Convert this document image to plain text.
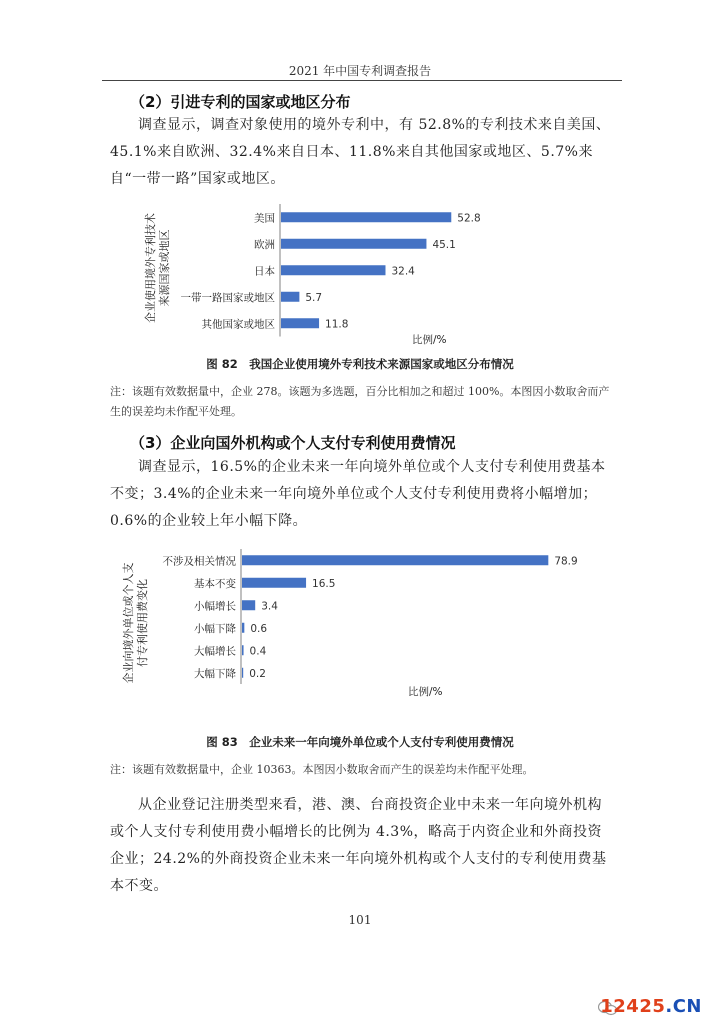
2021 年中国专利调查报告
（2）引进专利的国家或地区分布
调查显示，调查对象使用的境外专利中，有 52.8%的专利技术来自美国、45.1%来自欧洲、32.4%来自日本、11.8%来自其他国家或地区、5.7%来自“一带一路”国家或地区。
企业使用境外专利技术 来源国家或地区
美国	52.8
欧洲	45.1
日本	32.4
一带一路国家或地区	5.7
其他国家或地区	11.8
比例/%
图 82　我国企业使用境外专利技术来源国家或地区分布情况
注：该题有效数据量中，企业 278。该题为多选题，百分比相加之和超过 100%。本图因小数取舍而产生的误差均未作配平处理。
（3）企业向国外机构或个人支付专利使用费情况
调查显示，16.5%的企业未来一年向境外单位或个人支付专利使用费基本不变；3.4%的企业未来一年向境外单位或个人支付专利使用费将小幅增加；0.6%的企业较上年小幅下降。
企业向境外单位或个人支 付专利使用费变化
不涉及相关情况	78.9
基本不变	16.5
小幅增长 3.4
小幅下降 0.6
大幅增长 0.4
大幅下降 0.2
比例/%
图 83　企业未来一年向境外单位或个人支付专利使用费情况
注：该题有效数据量中，企业 10363。本图因小数取舍而产生的误差均未作配平处理。
从企业登记注册类型来看，港、澳、台商投资企业中未来一年向境外机构或个人支付专利使用费小幅增长的比例为 4.3%，略高于内资企业和外商投资企业；24.2%的外商投资企业未来一年向境外机构或个人支付的专利使用费基本不变。
101
12425.CN
